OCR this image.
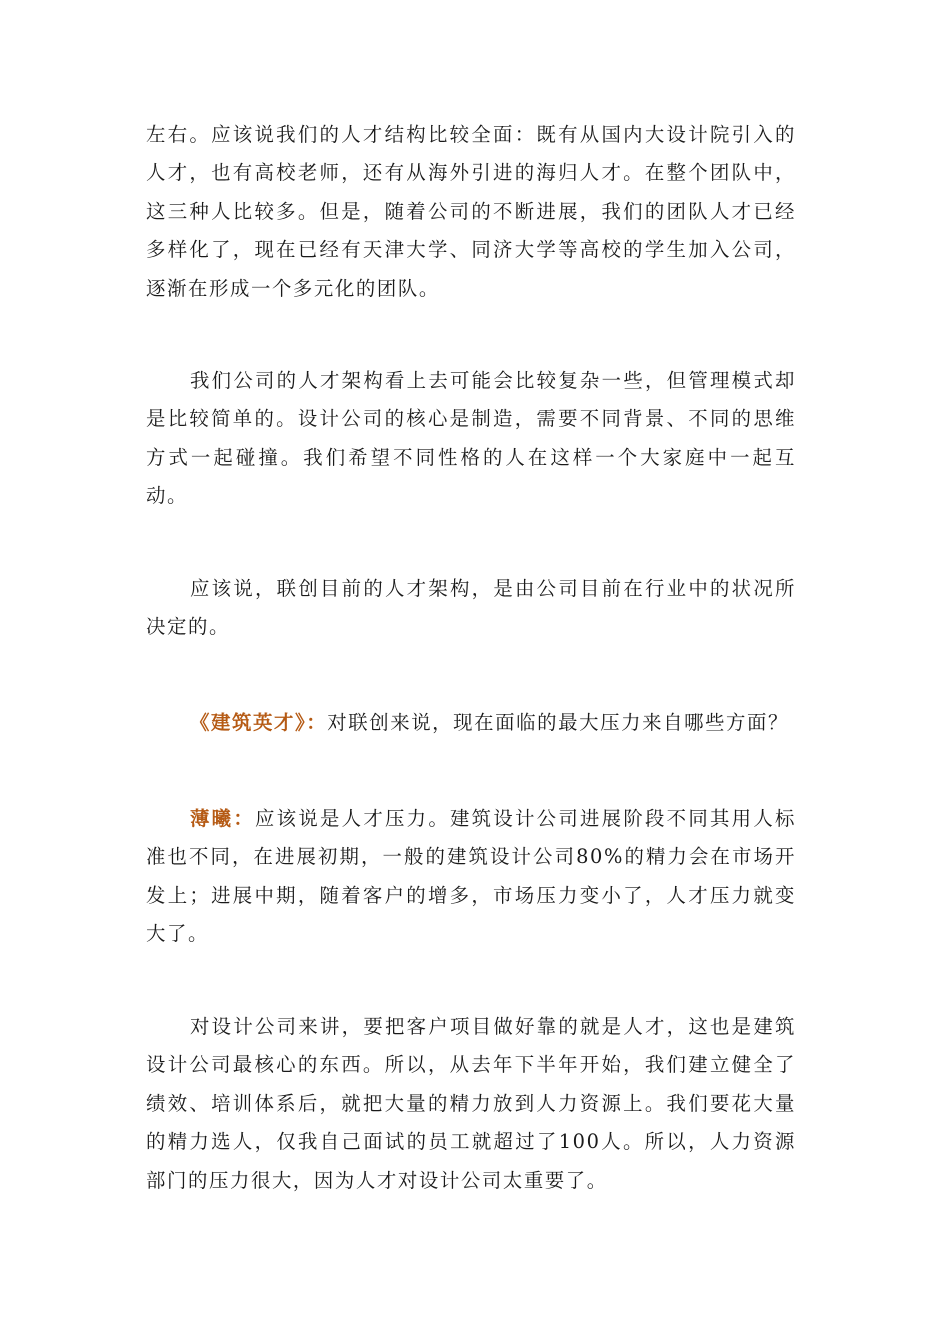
左右。应该说我们的人才结构比较全面：既有从国内大设计院引入的人才，也有高校老师，还有从海外引进的海归人才。在整个团队中，这三种人比较多。但是，随着公司的不断进展，我们的团队人才已经多样化了，现在已经有天津大学、同济大学等高校的学生加入公司，逐渐在形成一个多元化的团队。

我们公司的人才架构看上去可能会比较复杂一些，但管理模式却是比较简单的。设计公司的核心是制造，需要不同背景、不同的思维方式一起碰撞。我们希望不同性格的人在这样一个大家庭中一起互动。

应该说，联创目前的人才架构，是由公司目前在行业中的状况所决定的。

《建筑英才》：对联创来说，现在面临的最大压力来自哪些方面？

薄曦：应该说是人才压力。建筑设计公司进展阶段不同其用人标准也不同，在进展初期，一般的建筑设计公司80%的精力会在市场开发上；进展中期，随着客户的增多，市场压力变小了，人才压力就变大了。

对设计公司来讲，要把客户项目做好靠的就是人才，这也是建筑设计公司最核心的东西。所以，从去年下半年开始，我们建立健全了绩效、培训体系后，就把大量的精力放到人力资源上。我们要花大量的精力选人，仅我自己面试的员工就超过了100人。所以，人力资源部门的压力很大，因为人才对设计公司太重要了。
